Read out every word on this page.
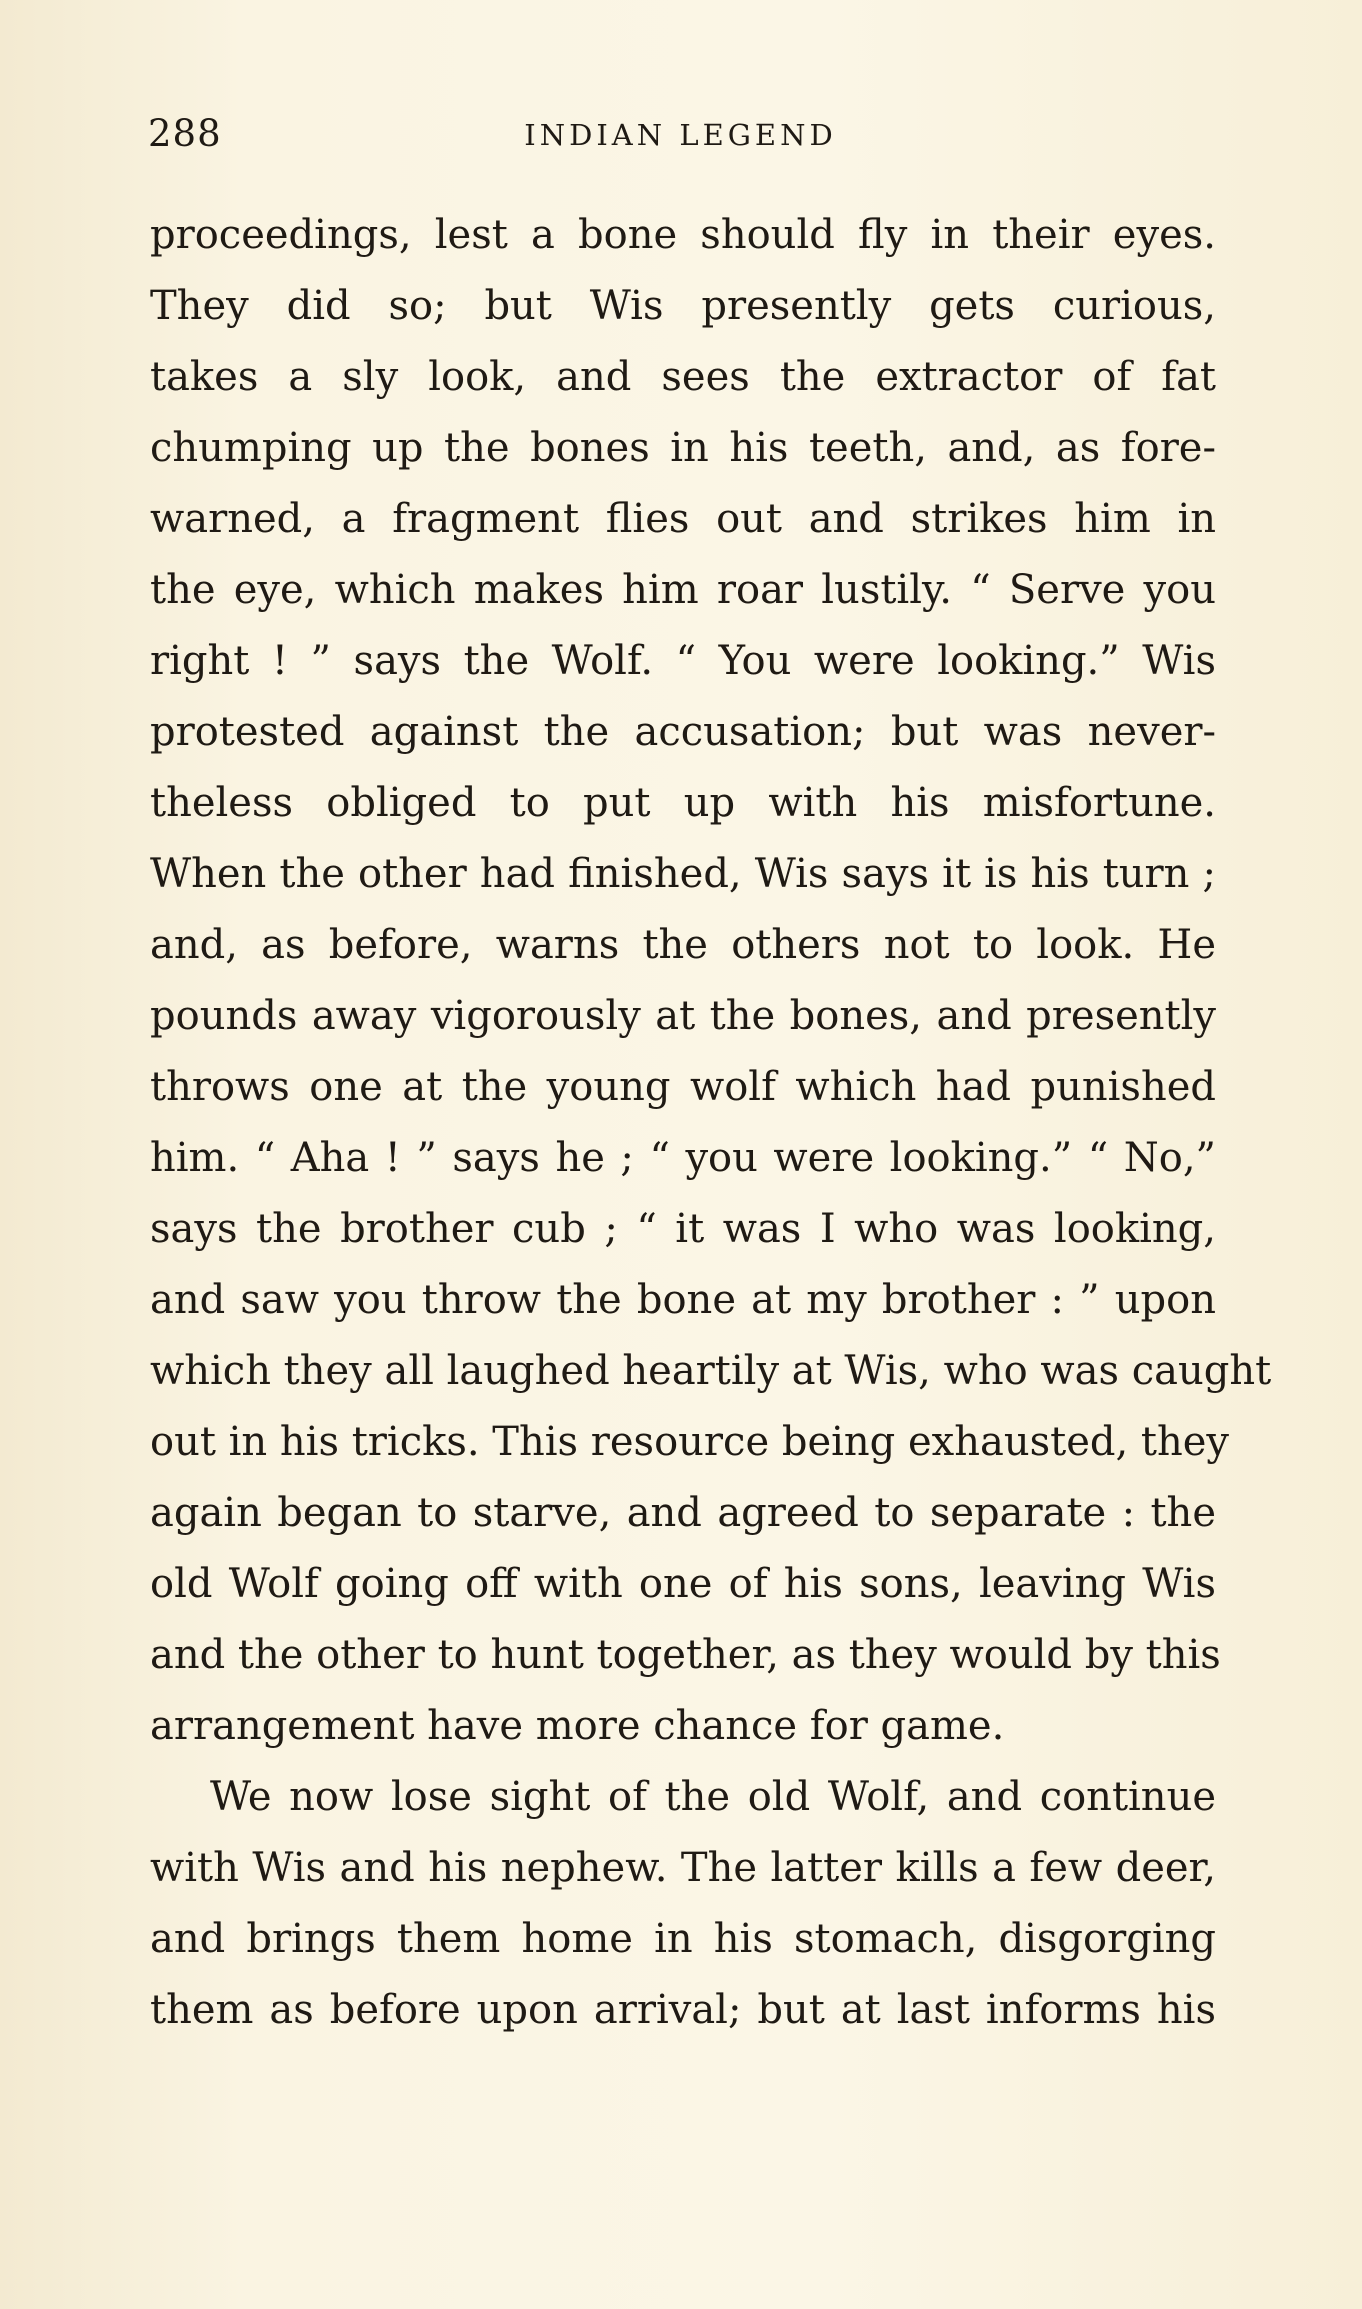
288	INDIAN LEGEND
proceedings, lest a bone should fly in their eyes.
They did so; but Wis presently gets curious,
takes a sly look, and sees the extractor of fat
chumping up the bones in his teeth, and, as fore-
warned, a fragment flies out and strikes him in
the eye, which makes him roar lustily. “ Serve you
right ! ” says the Wolf. “ You were looking.” Wis
protested against the accusation; but was never-
theless obliged to put up with his misfortune.
When the other had finished, Wis says it is his turn ;
and, as before, warns the others not to look. He
pounds away vigorously at the bones, and presently
throws one at the young wolf which had punished
him. “ Aha ! ” says he ; “ you were looking.” “ No,”
says the brother cub ; “ it was I who was looking,
and saw you throw the bone at my brother : ” upon
which they all laughed heartily at Wis, who was caught
out in his tricks. This resource being exhausted, they
again began to starve, and agreed to separate : the
old Wolf going off with one of his sons, leaving Wis
and the other to hunt together, as they would by this
arrangement have more chance for game.
We now lose sight of the old Wolf, and continue
with Wis and his nephew. The latter kills a few deer,
and brings them home in his stomach, disgorging
them as before upon arrival; but at last informs his
